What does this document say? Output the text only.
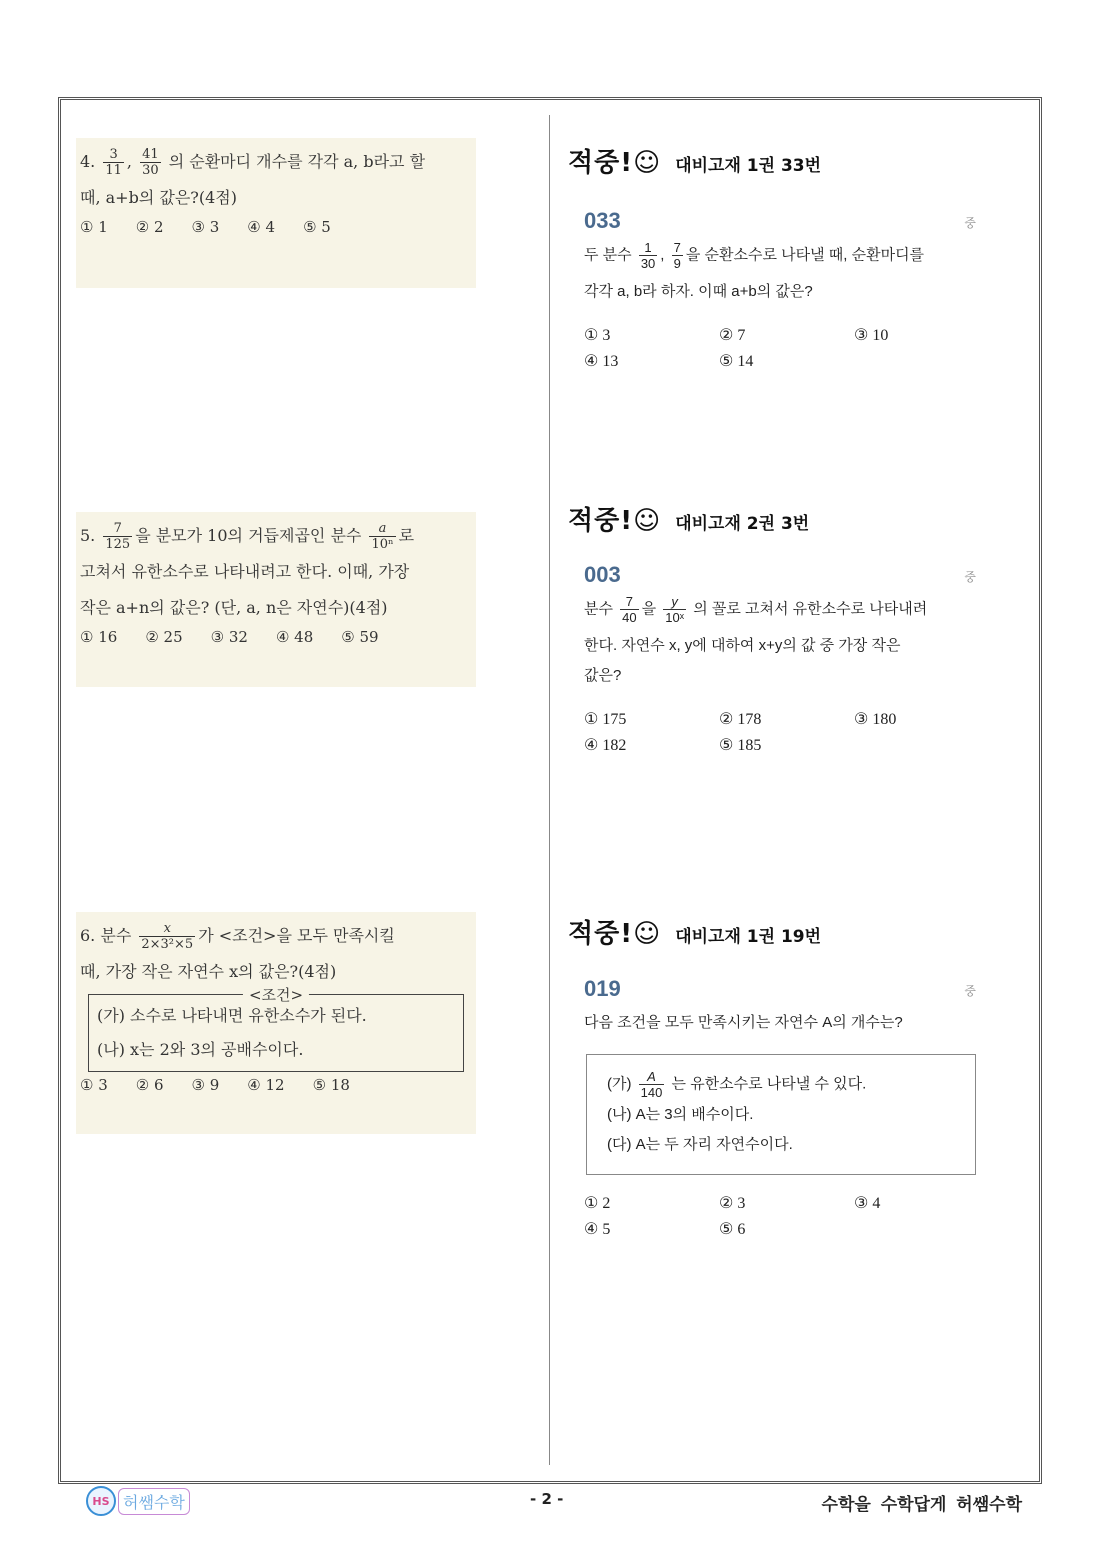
4. $\frac{3}{11}$ , $\frac{41}{30}$ 의 순환마디 개수를 각각 a, b라고 할
때, a+b의 값은?(4점)
① 1 ② 2 ③ 3 ④ 4 ⑤ 5
5. $\frac{7}{125}$ 을 분모가 10의 거듭제곱인 분수 $\frac{a}{\text{10ⁿ}}$ 로
고쳐서 유한소수로 나타내려고 한다. 이때, 가장
작은 a+n의 값은? (단, a, n은 자연수)(4점)
① 16 ② 25 ③ 32 ④ 48 ⑤ 59
6. 분수 $\frac{x}{\text{2×3²×5}}$ 가 <조건>을 모두 만족시킬
때, 가장 작은 자연수 x의 값은?(4점)
<조건>
(가) 소수로 나타내면 유한소수가 된다.
(나) x는 2와 3의 공배수이다.
① 3 ② 6 ③ 9 ④ 12 ⑤ 18
적중!☺ 대비고재 1권 33번
033	중
두 분수 $\frac{1}{30}$ , $\frac{7}{9}$ 을 순환소수로 나타낼 때, 순환마디를
각각 a, b라 하자. 이때 a+b의 값은?
① 3	② 7	③ 10
④ 13	⑤ 14
적중!☺ 대비고재 2권 3번
003	중
분수 $\frac{7}{40}$ 을 $\frac{y}{\text{10ˣ}}$ 의 꼴로 고쳐서 유한소수로 나타내려
한다. 자연수 x, y에 대하여 x+y의 값 중 가장 작은
값은?
① 175	② 178	③ 180
④ 182	⑤ 185
적중!☺ 대비고재 1권 19번
019	중
다음 조건을 모두 만족시키는 자연수 A의 개수는?
(가) $\frac{A}{140}$ 는 유한소수로 나타낼 수 있다.
(나) A는 3의 배수이다.
(다) A는 두 자리 자연수이다.
① 2	② 3	③ 4
④ 5	⑤ 6
HS 허쌤수학	- 2 -	수학을 수학답게 허쌤수학
